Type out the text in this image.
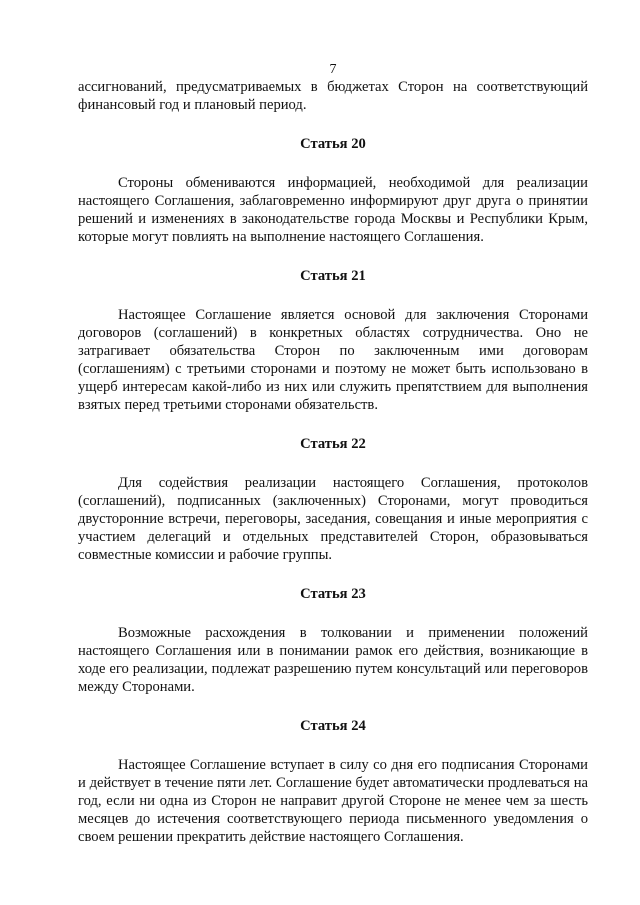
7

ассигнований, предусматриваемых в бюджетах Сторон на соответствующий финансовый год и плановый период.

Статья 20

Стороны обмениваются информацией, необходимой для реализации настоящего Соглашения, заблаговременно информируют друг друга о принятии решений и изменениях в законодательстве города Москвы и Республики Крым, которые могут повлиять на выполнение настоящего Соглашения.

Статья 21

Настоящее Соглашение является основой для заключения Сторонами договоров (соглашений) в конкретных областях сотрудничества. Оно не затрагивает обязательства Сторон по заключенным ими договорам (соглашениям) с третьими сторонами и поэтому не может быть использовано в ущерб интересам какой-либо из них или служить препятствием для выполнения взятых перед третьими сторонами обязательств.

Статья 22

Для содействия реализации настоящего Соглашения, протоколов (соглашений), подписанных (заключенных) Сторонами, могут проводиться двусторонние встречи, переговоры, заседания, совещания и иные мероприятия с участием делегаций и отдельных представителей Сторон, образовываться совместные комиссии и рабочие группы.

Статья 23

Возможные расхождения в толковании и применении положений настоящего Соглашения или в понимании рамок его действия, возникающие в ходе его реализации, подлежат разрешению путем консультаций или переговоров между Сторонами.

Статья 24

Настоящее Соглашение вступает в силу со дня его подписания Сторонами и действует в течение пяти лет. Соглашение будет автоматически продлеваться на год, если ни одна из Сторон не направит другой Стороне не менее чем за шесть месяцев до истечения соответствующего периода письменного уведомления о своем решении прекратить действие настоящего Соглашения.
